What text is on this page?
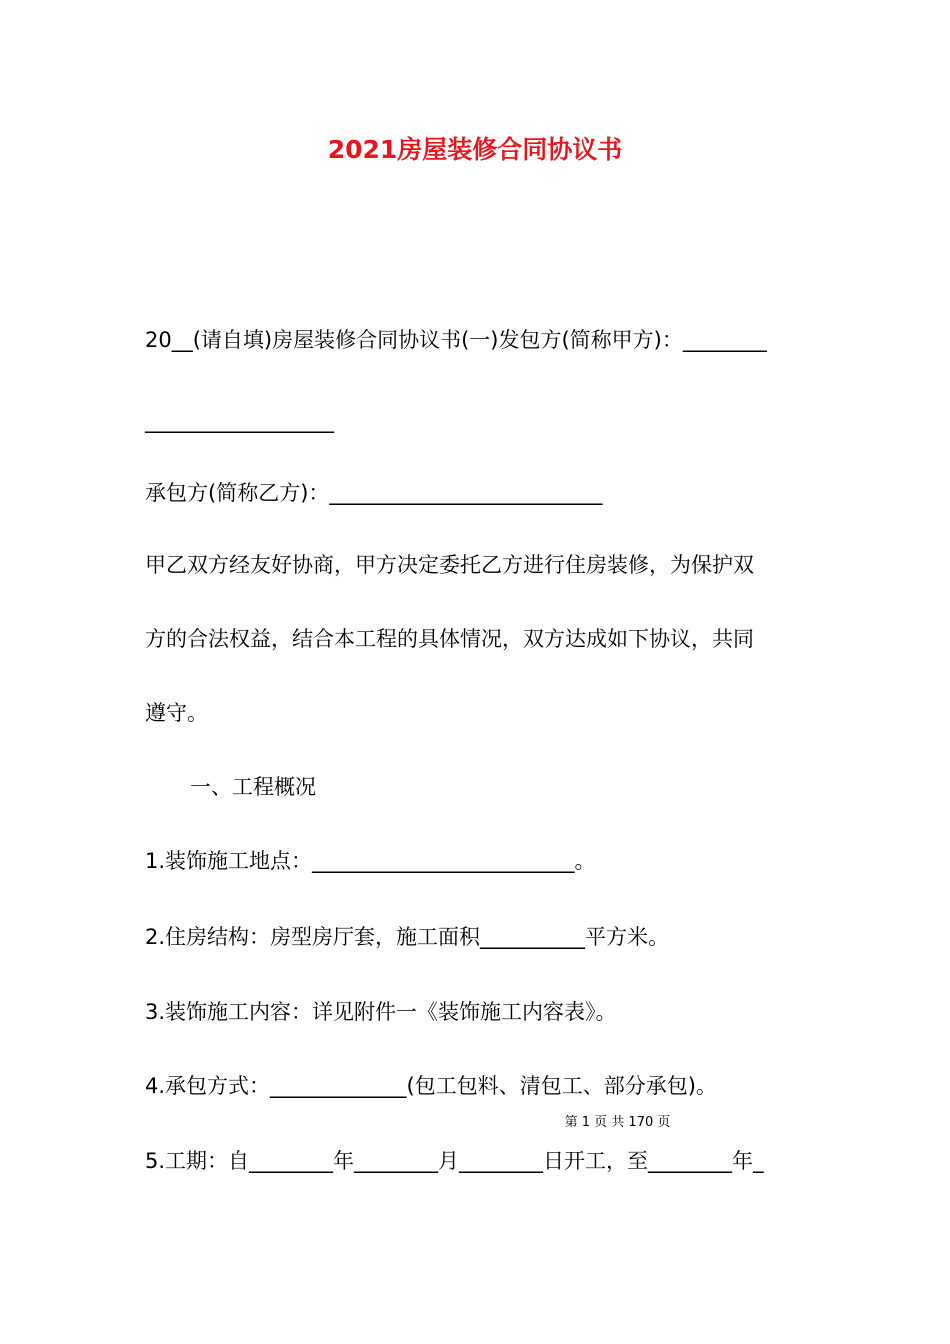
2021房屋装修合同协议书
20__(请自填)房屋装修合同协议书(一)发包方(简称甲方)：________
__________________
承包方(简称乙方)：__________________________
甲乙双方经友好协商，甲方决定委托乙方进行住房装修，为保护双
方的合法权益，结合本工程的具体情况，双方达成如下协议，共同
遵守。
一、工程概况
1.装饰施工地点：_________________________。
2.住房结构：房型房厅套，施工面积__________平方米。
3.装饰施工内容：详见附件一《装饰施工内容表》。
4.承包方式：_____________(包工包料、清包工、部分承包)。
第 1 页 共 170 页
5.工期：自________年________月________日开工，至________年_
